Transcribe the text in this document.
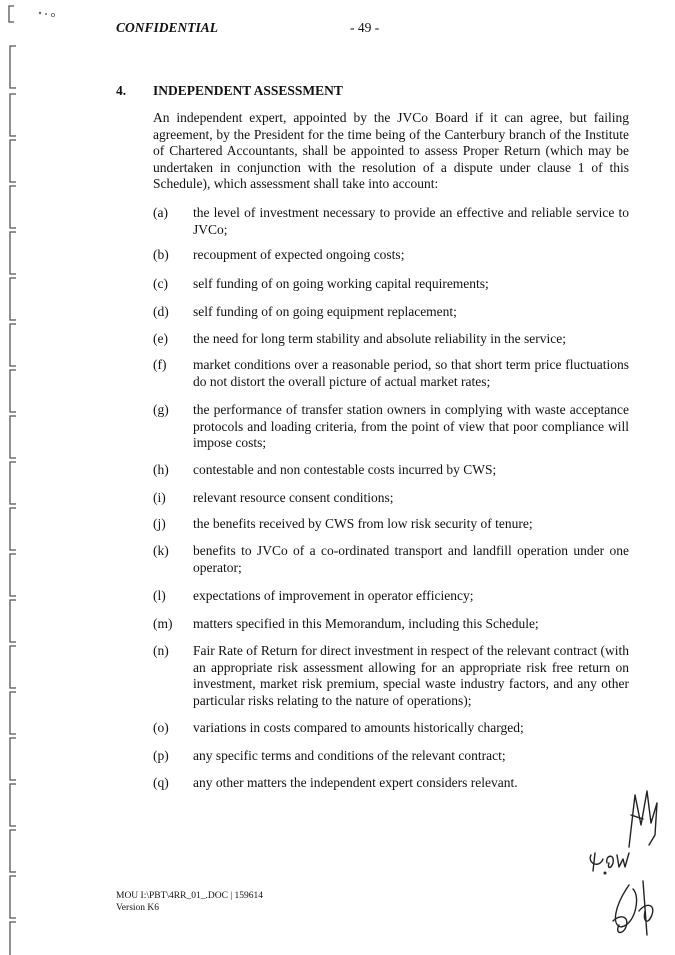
CONFIDENTIAL	- 49 -
4. INDEPENDENT ASSESSMENT

An independent expert, appointed by the JVCo Board if it can agree, but failing agreement, by the President for the time being of the Canterbury branch of the Institute of Chartered Accountants, shall be appointed to assess Proper Return (which may be undertaken in conjunction with the resolution of a dispute under clause 1 of this Schedule), which assessment shall take into account:

(a) the level of investment necessary to provide an effective and reliable service to JVCo;

(b) recoupment of expected ongoing costs;

(c) self funding of on going working capital requirements;

(d) self funding of on going equipment replacement;

(e) the need for long term stability and absolute reliability in the service;

(f) market conditions over a reasonable period, so that short term price fluctuations do not distort the overall picture of actual market rates;

(g) the performance of transfer station owners in complying with waste acceptance protocols and loading criteria, from the point of view that poor compliance will impose costs;

(h) contestable and non contestable costs incurred by CWS;

(i) relevant resource consent conditions;

(j) the benefits received by CWS from low risk security of tenure;

(k) benefits to JVCo of a co-ordinated transport and landfill operation under one operator;

(l) expectations of improvement in operator efficiency;

(m) matters specified in this Memorandum, including this Schedule;

(n) Fair Rate of Return for direct investment in respect of the relevant contract (with an appropriate risk assessment allowing for an appropriate risk free return on investment, market risk premium, special waste industry factors, and any other particular risks relating to the nature of operations);

(o) variations in costs compared to amounts historically charged;

(p) any specific terms and conditions of the relevant contract;

(q) any other matters the independent expert considers relevant.

MOU I:\PBT\4RR_01_.DOC | 159614
Version K6
